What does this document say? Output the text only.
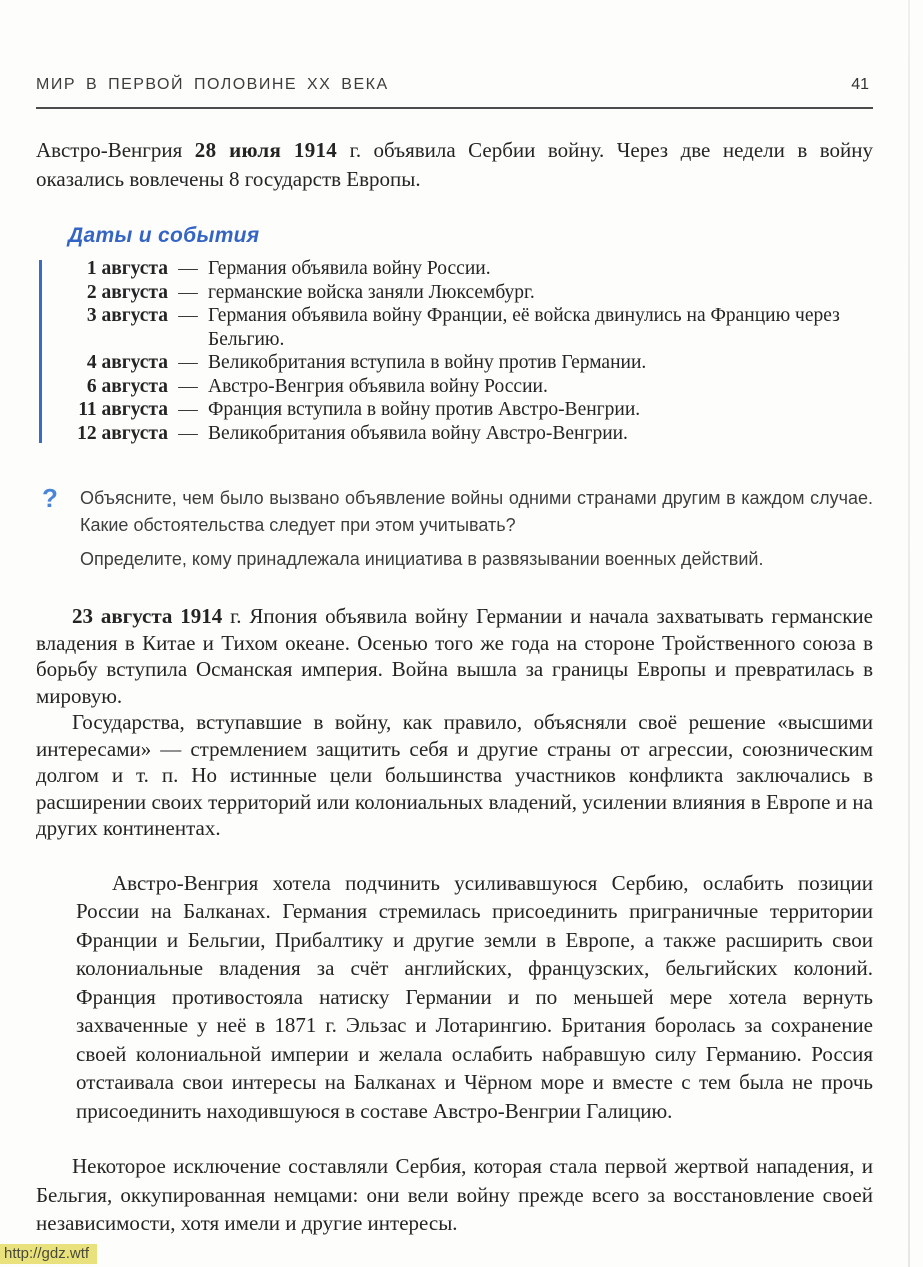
МИР В ПЕРВОЙ ПОЛОВИНЕ XX ВЕКА	41

Австро-Венгрия 28 июля 1914 г. объявила Сербии войну. Через две недели в войну оказались вовлечены 8 государств Европы.

Даты и события
1 августа — Германия объявила войну России.
2 августа — германские войска заняли Люксембург.
3 августа — Германия объявила войну Франции, её войска двинулись на Францию через Бельгию.
4 августа — Великобритания вступила в войну против Германии.
6 августа — Австро-Венгрия объявила войну России.
11 августа — Франция вступила в войну против Австро-Венгрии.
12 августа — Великобритания объявила войну Австро-Венгрии.
?	Объясните, чем было вызвано объявление войны одними странами другим в каждом случае. Какие обстоятельства следует при этом учитывать?

Определите, кому принадлежала инициатива в развязывании военных действий.

23 августа 1914 г. Япония объявила войну Германии и начала захватывать германские владения в Китае и Тихом океане. Осенью того же года на стороне Тройственного союза в борьбу вступила Османская империя. Война вышла за границы Европы и превратилась в мировую.

Государства, вступавшие в войну, как правило, объясняли своё решение «высшими интересами» — стремлением защитить себя и другие страны от агрессии, союзническим долгом и т. п. Но истинные цели большинства участников конфликта заключались в расширении своих территорий или колониальных владений, усилении влияния в Европе и на других континентах.

Австро-Венгрия хотела подчинить усиливавшуюся Сербию, ослабить позиции России на Балканах. Германия стремилась присоединить приграничные территории Франции и Бельгии, Прибалтику и другие земли в Европе, а также расширить свои колониальные владения за счёт английских, французских, бельгийских колоний. Франция противостояла натиску Германии и по меньшей мере хотела вернуть захваченные у неё в 1871 г. Эльзас и Лотарингию. Британия боролась за сохранение своей колониальной империи и желала ослабить набравшую силу Германию. Россия отстаивала свои интересы на Балканах и Чёрном море и вместе с тем была не прочь присоединить находившуюся в составе Австро-Венгрии Галицию.

Некоторое исключение составляли Сербия, которая стала первой жертвой нападения, и Бельгия, оккупированная немцами: они вели войну прежде всего за восстановление своей независимости, хотя имели и другие интересы.

http://gdz.wtf
